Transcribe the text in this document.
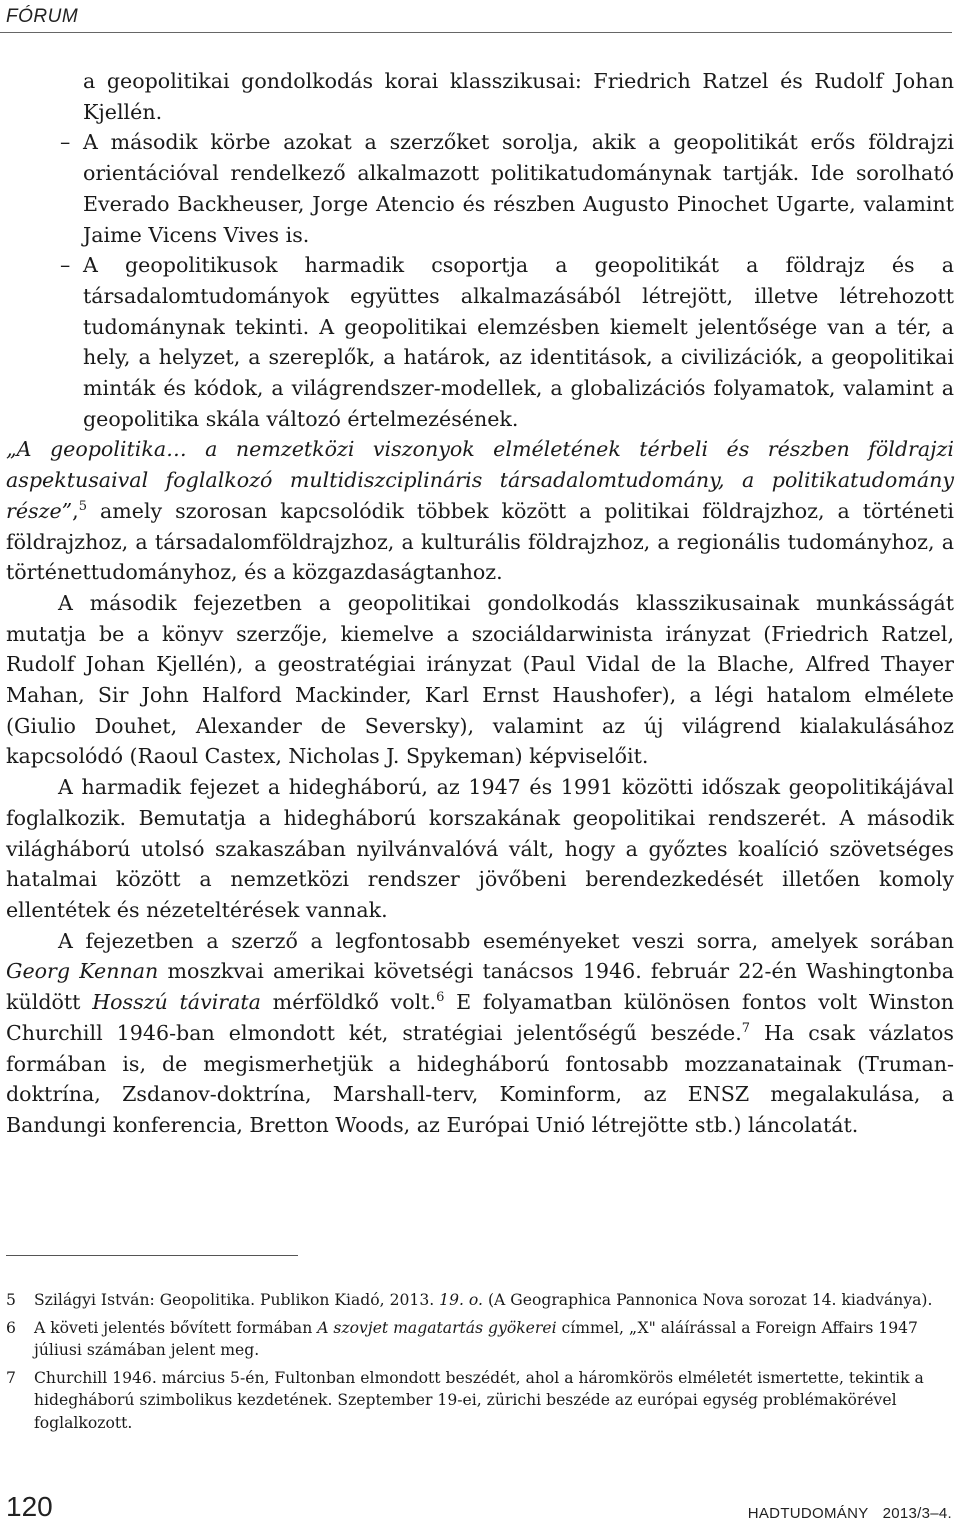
FÓRUM

a geopolitikai gondolkodás korai klasszikusai: Friedrich Ratzel és Rudolf Johan Kjellén.

– A második körbe azokat a szerzőket sorolja, akik a geopolitikát erős földrajzi orientációval rendelkező alkalmazott politikatudománynak tartják. Ide sorolható Everado Backheuser, Jorge Atencio és részben Augusto Pinochet Ugarte, valamint Jaime Vicens Vives is.

– A geopolitikusok harmadik csoportja a geopolitikát a földrajz és a társadalomtudományok együttes alkalmazásából létrejött, illetve létrehozott tudománynak tekinti. A geopolitikai elemzésben kiemelt jelentősége van a tér, a hely, a helyzet, a szereplők, a határok, az identitások, a civilizációk, a geopolitikai minták és kódok, a világrendszer-modellek, a globalizációs folyamatok, valamint a geopolitika skála változó értelmezésének.

„A geopolitika… a nemzetközi viszonyok elméletének térbeli és részben földrajzi aspektusaival foglalkozó multidiszciplináris társadalomtudomány, a politikatudomány része”,$^5$ amely szorosan kapcsolódik többek között a politikai földrajzhoz, a történeti földrajzhoz, a társadalomföldrajzhoz, a kulturális földrajzhoz, a regionális tudományhoz, a történettudományhoz, és a közgazdaságtanhoz.

A második fejezetben a geopolitikai gondolkodás klasszikusainak munkásságát mutatja be a könyv szerzője, kiemelve a szociáldarwinista irányzat (Friedrich Ratzel, Rudolf Johan Kjellén), a geostratégiai irányzat (Paul Vidal de la Blache, Alfred Thayer Mahan, Sir John Halford Mackinder, Karl Ernst Haushofer), a légi hatalom elmélete (Giulio Douhet, Alexander de Seversky), valamint az új világrend kialakulásához kapcsolódó (Raoul Castex, Nicholas J. Spykeman) képviselőit.

A harmadik fejezet a hidegháború, az 1947 és 1991 közötti időszak geopolitikájával foglalkozik. Bemutatja a hidegháború korszakának geopolitikai rendszerét. A második világháború utolsó szakaszában nyilvánvalóvá vált, hogy a győztes koalíció szövetséges hatalmai között a nemzetközi rendszer jövőbeni berendezkedését illetően komoly ellentétek és nézeteltérések vannak.

A fejezetben a szerző a legfontosabb eseményeket veszi sorra, amelyek sorában Georg Kennan moszkvai amerikai követségi tanácsos 1946. február 22-én Washingtonba küldött Hosszú távirata mérföldkő volt.$^6$ E folyamatban különösen fontos volt Winston Churchill 1946-ban elmondott két, stratégiai jelentőségű beszéde.$^7$ Ha csak vázlatos formában is, de megismerhetjük a hidegháború fontosabb mozzanatainak (Truman-doktrína, Zsdanov-doktrína, Marshall-terv, Kominform, az ENSZ megalakulása, a Bandungi konferencia, Bretton Woods, az Európai Unió létrejötte stb.) láncolatát.

5 Szilágyi István: Geopolitika. Publikon Kiadó, 2013. 19. o. (A Geographica Pannonica Nova sorozat 14. kiadványa).
6 A követi jelentés bővített formában A szovjet magatartás gyökerei címmel, „X" aláírással a Foreign Affairs 1947 júliusi számában jelent meg.
7 Churchill 1946. március 5-én, Fultonban elmondott beszédét, ahol a háromkörös elméletét ismertette, tekintik a hidegháború szimbolikus kezdetének. Szeptember 19-ei, zürichi beszéde az európai egység problémakörével foglalkozott.
120	HADTUDOMÁNY 2013/3–4.
